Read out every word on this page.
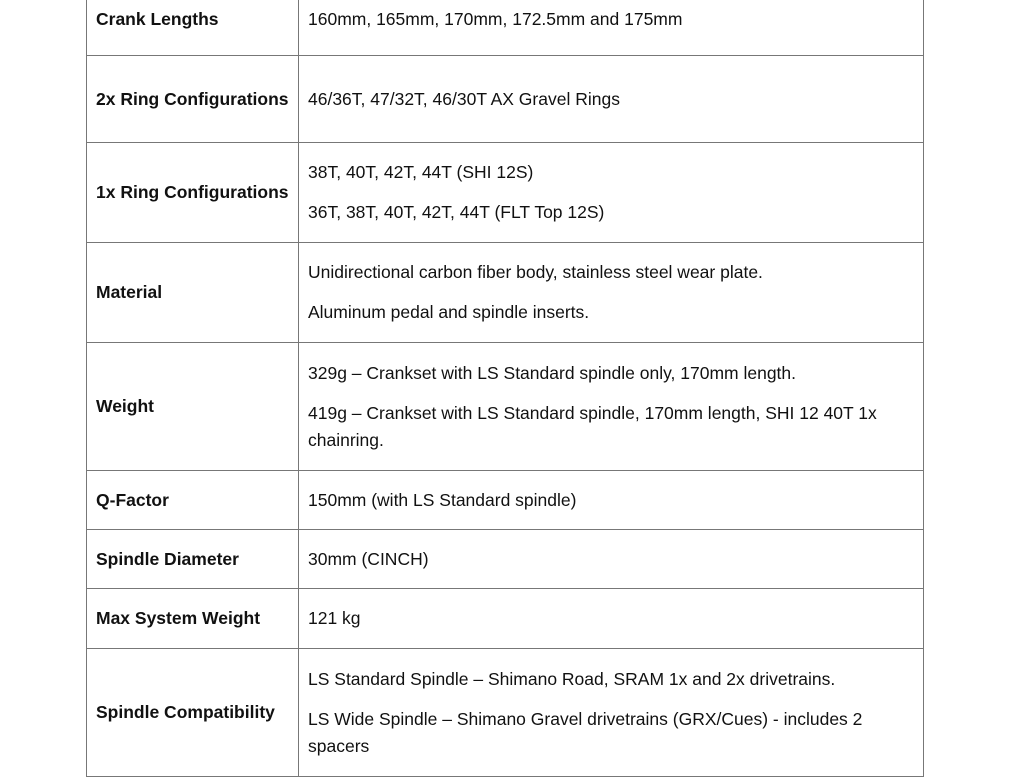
Crank Lengths	160mm, 165mm, 170mm, 172.5mm and 175mm

2x Ring Configurations	46/36T, 47/32T, 46/30T AX Gravel Rings

1x Ring Configurations	38T, 40T, 42T, 44T (SHI 12S)

36T, 38T, 40T, 42T, 44T (FLT Top 12S)

Material	Unidirectional carbon fiber body, stainless steel wear plate.

Aluminum pedal and spindle inserts.

Weight	329g – Crankset with LS Standard spindle only, 170mm length.

419g – Crankset with LS Standard spindle, 170mm length, SHI 12 40T 1x chainring.

Q-Factor	150mm (with LS Standard spindle)

Spindle Diameter	30mm (CINCH)

Max System Weight	121 kg

Spindle Compatibility	LS Standard Spindle – Shimano Road, SRAM 1x and 2x drivetrains.

LS Wide Spindle – Shimano Gravel drivetrains (GRX/Cues) - includes 2 spacers
